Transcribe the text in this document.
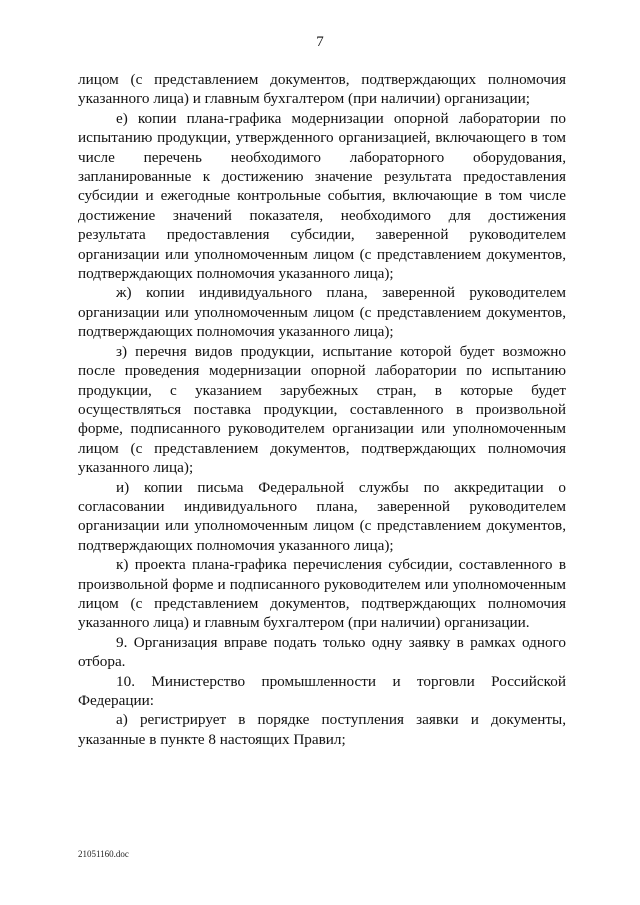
7

лицом (с представлением документов, подтверждающих полномочия указанного лица) и главным бухгалтером (при наличии) организации;

е) копии плана-графика модернизации опорной лаборатории по испытанию продукции, утвержденного организацией, включающего в том числе перечень необходимого лабораторного оборудования, запланированные к достижению значение результата предоставления субсидии и ежегодные контрольные события, включающие в том числе достижение значений показателя, необходимого для достижения результата предоставления субсидии, заверенной руководителем организации или уполномоченным лицом (с представлением документов, подтверждающих полномочия указанного лица);

ж) копии индивидуального плана, заверенной руководителем организации или уполномоченным лицом (с представлением документов, подтверждающих полномочия указанного лица);

з) перечня видов продукции, испытание которой будет возможно после проведения модернизации опорной лаборатории по испытанию продукции, с указанием зарубежных стран, в которые будет осуществляться поставка продукции, составленного в произвольной форме, подписанного руководителем организации или уполномоченным лицом (с представлением документов, подтверждающих полномочия указанного лица);

и) копии письма Федеральной службы по аккредитации о согласовании индивидуального плана, заверенной руководителем организации или уполномоченным лицом (с представлением документов, подтверждающих полномочия указанного лица);

к) проекта плана-графика перечисления субсидии, составленного в произвольной форме и подписанного руководителем или уполномоченным лицом (с представлением документов, подтверждающих полномочия указанного лица) и главным бухгалтером (при наличии) организации.

9. Организация вправе подать только одну заявку в рамках одного отбора.

10. Министерство промышленности и торговли Российской Федерации:

а) регистрирует в порядке поступления заявки и документы, указанные в пункте 8 настоящих Правил;

21051160.doc
